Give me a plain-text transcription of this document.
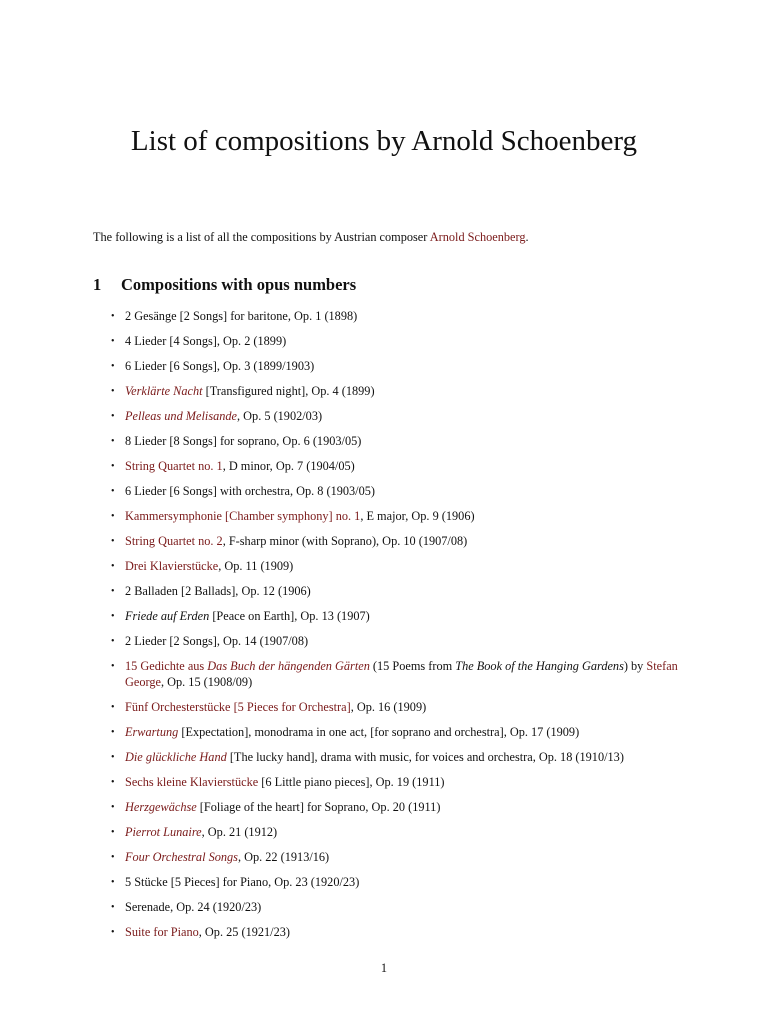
List of compositions by Arnold Schoenberg

The following is a list of all the compositions by Austrian composer Arnold Schoenberg.

1 Compositions with opus numbers
• 2 Gesänge [2 Songs] for baritone, Op. 1 (1898)
• 4 Lieder [4 Songs], Op. 2 (1899)
• 6 Lieder [6 Songs], Op. 3 (1899/1903)
• Verklärte Nacht [Transfigured night], Op. 4 (1899)
• Pelleas und Melisande, Op. 5 (1902/03)
• 8 Lieder [8 Songs] for soprano, Op. 6 (1903/05)
• String Quartet no. 1, D minor, Op. 7 (1904/05)
• 6 Lieder [6 Songs] with orchestra, Op. 8 (1903/05)
• Kammersymphonie [Chamber symphony] no. 1, E major, Op. 9 (1906)
• String Quartet no. 2, F-sharp minor (with Soprano), Op. 10 (1907/08)
• Drei Klavierstücke, Op. 11 (1909)
• 2 Balladen [2 Ballads], Op. 12 (1906)
• Friede auf Erden [Peace on Earth], Op. 13 (1907)
• 2 Lieder [2 Songs], Op. 14 (1907/08)
• 15 Gedichte aus Das Buch der hängenden Gärten (15 Poems from The Book of the Hanging Gardens) by Stefan George, Op. 15 (1908/09)
• Fünf Orchesterstücke [5 Pieces for Orchestra], Op. 16 (1909)
• Erwartung [Expectation], monodrama in one act, [for soprano and orchestra], Op. 17 (1909)
• Die glückliche Hand [The lucky hand], drama with music, for voices and orchestra, Op. 18 (1910/13)
• Sechs kleine Klavierstücke [6 Little piano pieces], Op. 19 (1911)
• Herzgewächse [Foliage of the heart] for Soprano, Op. 20 (1911)
• Pierrot Lunaire, Op. 21 (1912)
• Four Orchestral Songs, Op. 22 (1913/16)
• 5 Stücke [5 Pieces] for Piano, Op. 23 (1920/23)
• Serenade, Op. 24 (1920/23)
• Suite for Piano, Op. 25 (1921/23)

1
